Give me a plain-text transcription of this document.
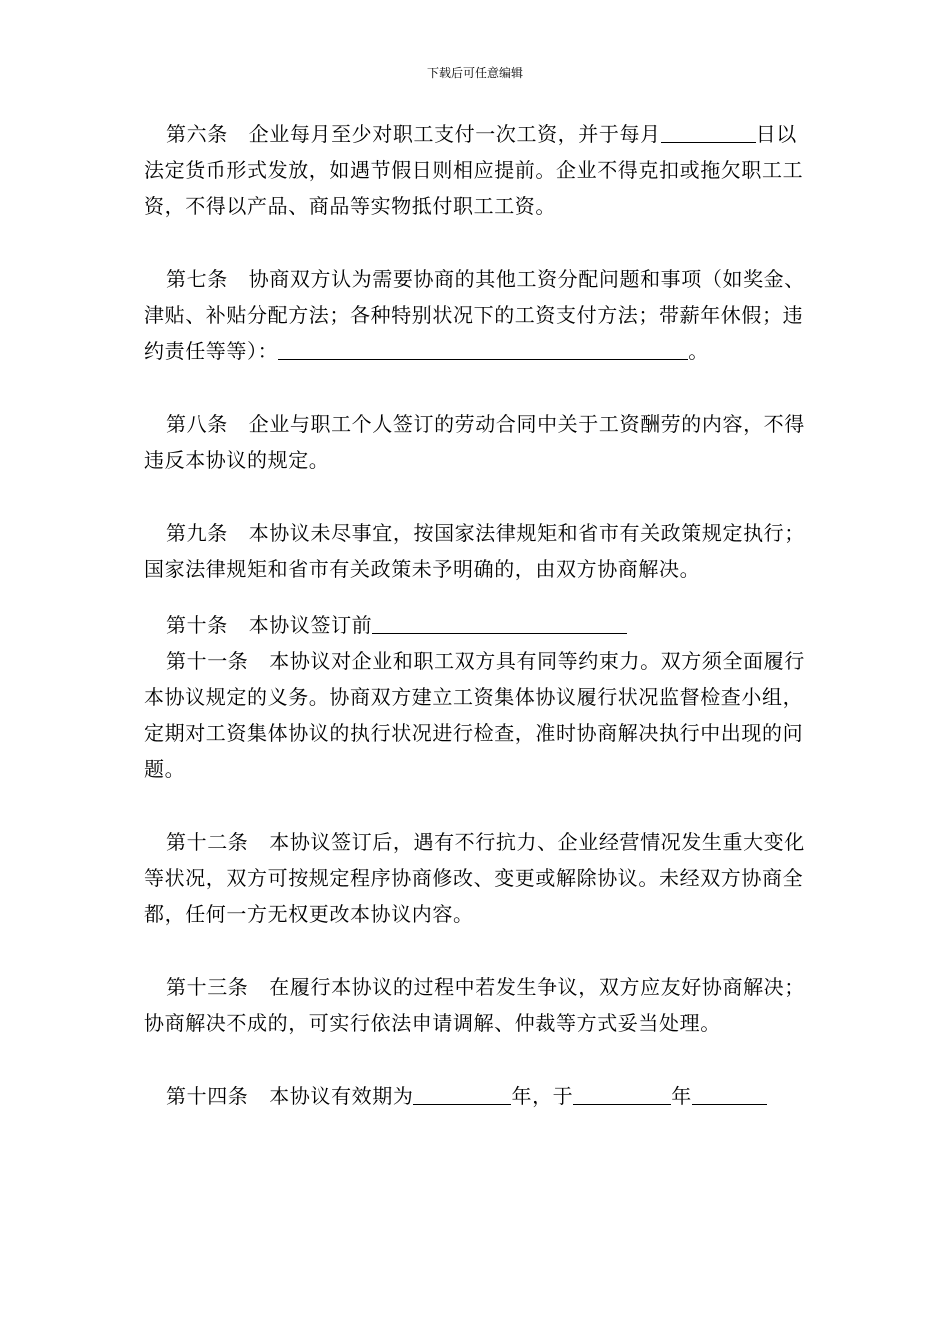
下载后可任意编辑

第六条 企业每月至少对职工支付一次工资，并于每月	日以法定货币形式发放，如遇节假日则相应提前。企业不得克扣或拖欠职工工资，不得以产品、商品等实物抵付职工工资。

第七条 协商双方认为需要协商的其他工资分配问题和事项（如奖金、津贴、补贴分配方法；各种特别状况下的工资支付方法；带薪年休假；违约责任等等）：	。

第八条 企业与职工个人签订的劳动合同中关于工资酬劳的内容，不得违反本协议的规定。

第九条 本协议未尽事宜，按国家法律规矩和省市有关政策规定执行；国家法律规矩和省市有关政策未予明确的，由双方协商解决。

第十条 本协议签订前

第十一条 本协议对企业和职工双方具有同等约束力。双方须全面履行本协议规定的义务。协商双方建立工资集体协议履行状况监督检查小组，定期对工资集体协议的执行状况进行检查，准时协商解决执行中出现的问题。

第十二条 本协议签订后，遇有不行抗力、企业经营情况发生重大变化等状况，双方可按规定程序协商修改、变更或解除协议。未经双方协商全都，任何一方无权更改本协议内容。

第十三条 在履行本协议的过程中若发生争议，双方应友好协商解决；协商解决不成的，可实行依法申请调解、仲裁等方式妥当处理。

第十四条 本协议有效期为	年，于	年
